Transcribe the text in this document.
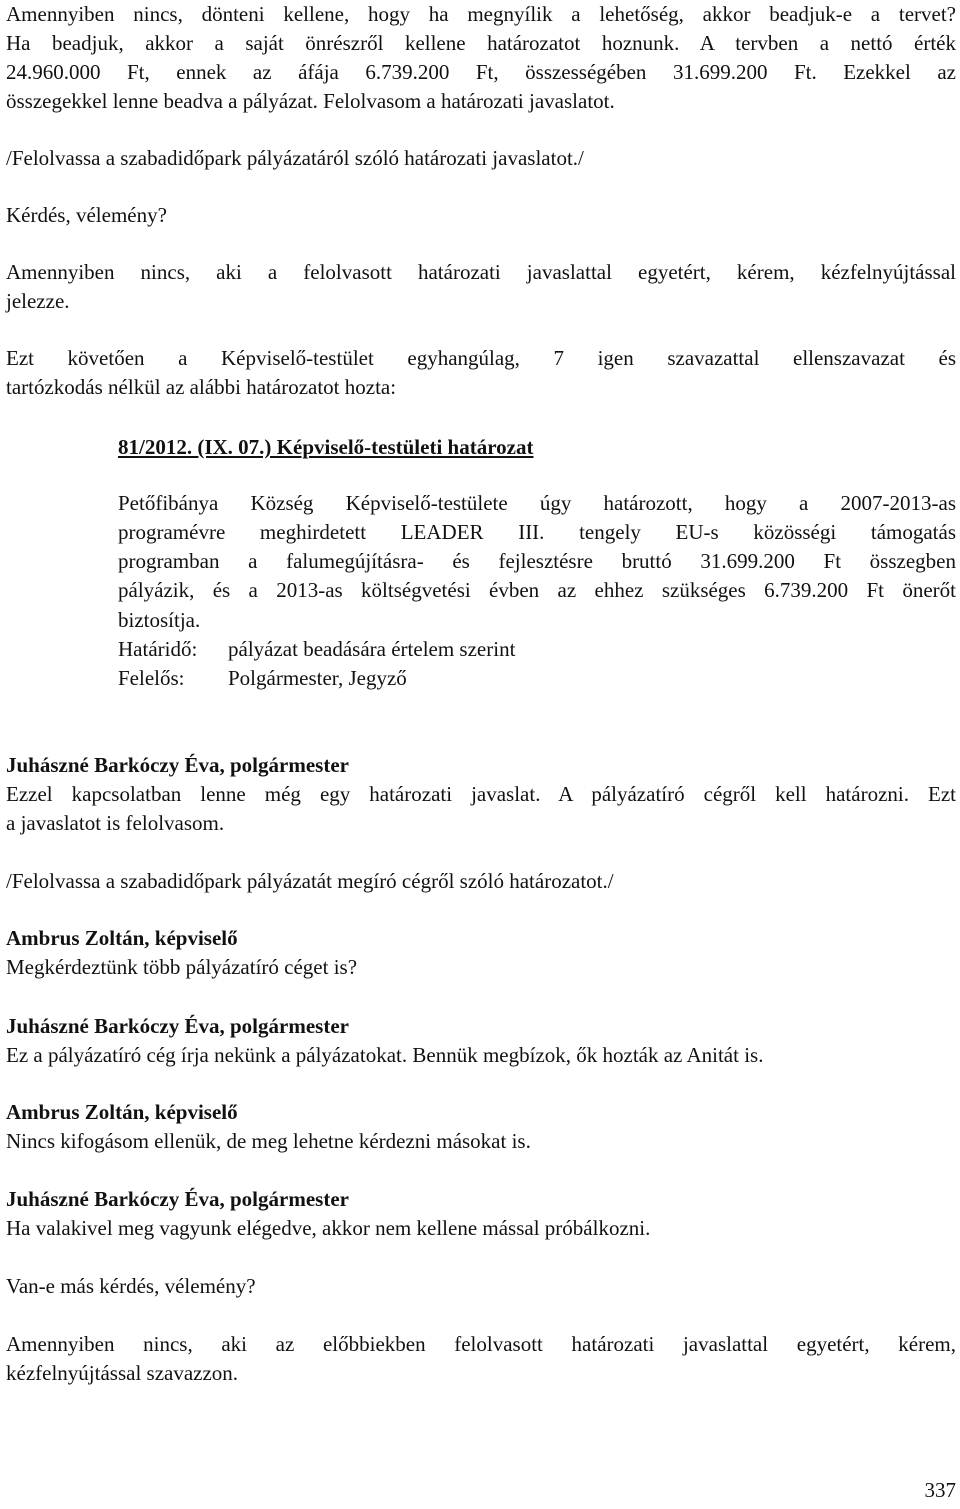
Amennyiben nincs, dönteni kellene, hogy ha megnyílik a lehetőség, akkor beadjuk-e a tervet?
Ha beadjuk, akkor a saját önrészről kellene határozatot hoznunk. A tervben a nettó érték
24.960.000 Ft, ennek az áfája 6.739.200 Ft, összességében 31.699.200 Ft. Ezekkel az
összegekkel lenne beadva a pályázat. Felolvasom a határozati javaslatot.
/Felolvassa a szabadidőpark pályázatáról szóló határozati javaslatot./
Kérdés, vélemény?
Amennyiben nincs, aki a felolvasott határozati javaslattal egyetért, kérem, kézfelnyújtással
jelezze.
Ezt követően a Képviselő-testület egyhangúlag, 7 igen szavazattal ellenszavazat és
tartózkodás nélkül az alábbi határozatot hozta:
81/2012. (IX. 07.) Képviselő-testületi határozat
Petőfibánya Község Képviselő-testülete úgy határozott, hogy a 2007-2013-as
programévre meghirdetett LEADER III. tengely EU-s közösségi támogatás
programban a falumegújításra- és fejlesztésre bruttó 31.699.200 Ft összegben
pályázik, és a 2013-as költségvetési évben az ehhez szükséges 6.739.200 Ft önerőt
biztosítja.
Határidő: pályázat beadására értelem szerint
Felelős: Polgármester, Jegyző
Juhászné Barkóczy Éva, polgármester
Ezzel kapcsolatban lenne még egy határozati javaslat. A pályázatíró cégről kell határozni. Ezt
a javaslatot is felolvasom.
/Felolvassa a szabadidőpark pályázatát megíró cégről szóló határozatot./
Ambrus Zoltán, képviselő
Megkérdeztünk több pályázatíró céget is?
Juhászné Barkóczy Éva, polgármester
Ez a pályázatíró cég írja nekünk a pályázatokat. Bennük megbízok, ők hozták az Anitát is.
Ambrus Zoltán, képviselő
Nincs kifogásom ellenük, de meg lehetne kérdezni másokat is.
Juhászné Barkóczy Éva, polgármester
Ha valakivel meg vagyunk elégedve, akkor nem kellene mással próbálkozni.
Van-e más kérdés, vélemény?
Amennyiben nincs, aki az előbbiekben felolvasott határozati javaslattal egyetért, kérem,
kézfelnyújtással szavazzon.
337
